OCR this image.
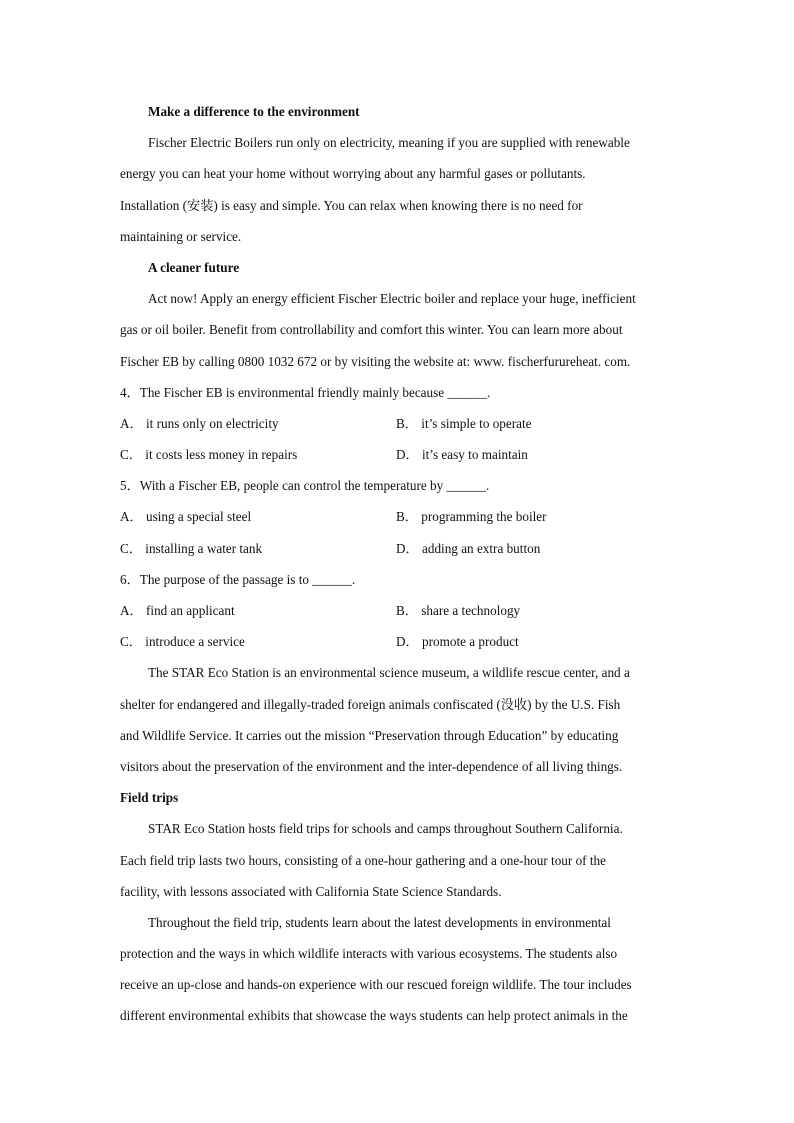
Make a difference to the environment
Fischer Electric Boilers run only on electricity, meaning if you are supplied with renewable
energy you can heat your home without worrying about any harmful gases or pollutants.
Installation (安装) is easy and simple. You can relax when knowing there is no need for
maintaining or service.
A cleaner future
Act now! Apply an energy efficient Fischer Electric boiler and replace your huge, inefficient
gas or oil boiler. Benefit from controllability and comfort this winter. You can learn more about
Fischer EB by calling 0800 1032 672 or by visiting the website at: www. fischerfurureheat. com.
4．The Fischer EB is environmental friendly mainly because ______.
A． it runs only on electricity	B． it’s simple to operate
C． it costs less money in repairs	D． it’s easy to maintain
5．With a Fischer EB, people can control the temperature by ______.
A． using a special steel	B． programming the boiler
C． installing a water tank	D． adding an extra button
6．The purpose of the passage is to ______.
A． find an applicant	B． share a technology
C． introduce a service	D． promote a product
The STAR Eco Station is an environmental science museum, a wildlife rescue center, and a
shelter for endangered and illegally-traded foreign animals confiscated (没收) by the U.S. Fish
and Wildlife Service. It carries out the mission “Preservation through Education” by educating
visitors about the preservation of the environment and the inter-dependence of all living things.
Field trips
STAR Eco Station hosts field trips for schools and camps throughout Southern California.
Each field trip lasts two hours, consisting of a one-hour gathering and a one-hour tour of the
facility, with lessons associated with California State Science Standards.
Throughout the field trip, students learn about the latest developments in environmental
protection and the ways in which wildlife interacts with various ecosystems. The students also
receive an up-close and hands-on experience with our rescued foreign wildlife. The tour includes
different environmental exhibits that showcase the ways students can help protect animals in the
